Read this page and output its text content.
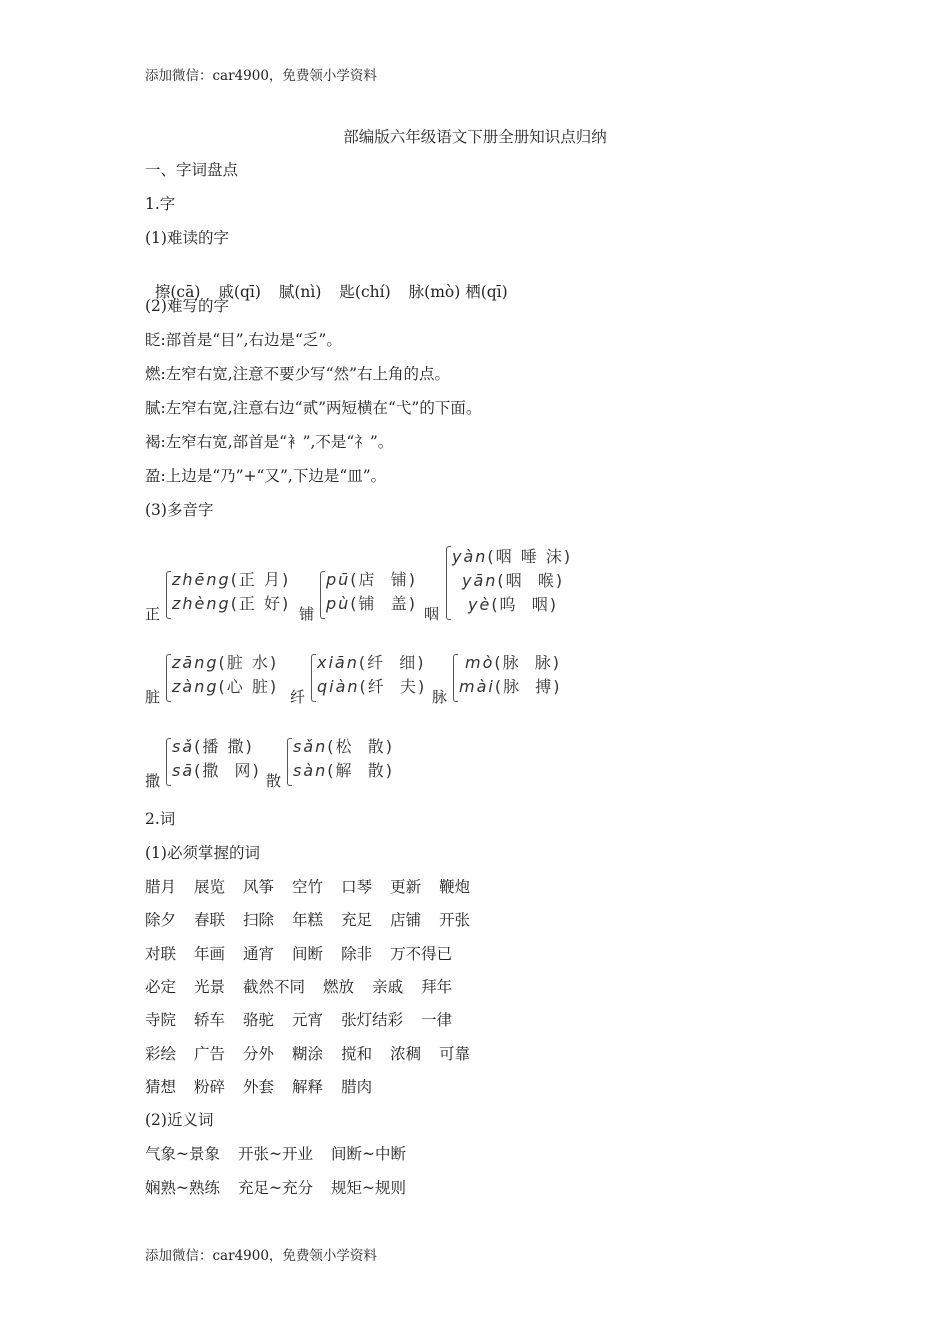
添加微信：car4900，免费领小学资料
部编版六年级语文下册全册知识点归纳
一、字词盘点
1.字
(1)难读的字

擦(cā) 戚(qī) 腻(nì) 匙(chí) 脉(mò) 栖(qī)

(2)难写的字
眨:部首是“目”,右边是“乏”。
燃:左窄右宽,注意不要少写“然”右上角的点。
腻:左窄右宽,注意右边“贰”两短横在“弋”的下面。
褐:左窄右宽,部首是“衤”,不是“礻”。
盈:上边是“乃”+“又”,下边是“皿”。
(3)多音字
正
zhēng(正 月)
zhèng(正 好)
铺
pū(店  铺)
pù(铺  盖)
咽
yàn(咽 唾 沫)
yān(咽  喉)
yè(呜  咽)
脏
zāng(脏 水)
zàng(心 脏)
纤
xiān(纤  细)
qiàn(纤  夫)
脉
mò(脉  脉)
mài(脉  搏)
撒
sǎ(播 撒)
sā(撒  网)
散
sǎn(松  散)
sàn(解  散)
2.词
(1)必须掌握的词
腊月 展览 风筝 空竹 口琴 更新 鞭炮
除夕 春联 扫除 年糕 充足 店铺 开张
对联 年画 通宵 间断 除非 万不得已
必定 光景 截然不同 燃放 亲戚 拜年
寺院 轿车 骆驼 元宵 张灯结彩 一律
彩绘 广告 分外 糊涂 搅和 浓稠 可靠
猜想 粉碎 外套 解释 腊肉
(2)近义词
气象~景象 开张~开业 间断~中断
娴熟~熟练 充足~充分 规矩~规则
添加微信：car4900，免费领小学资料
